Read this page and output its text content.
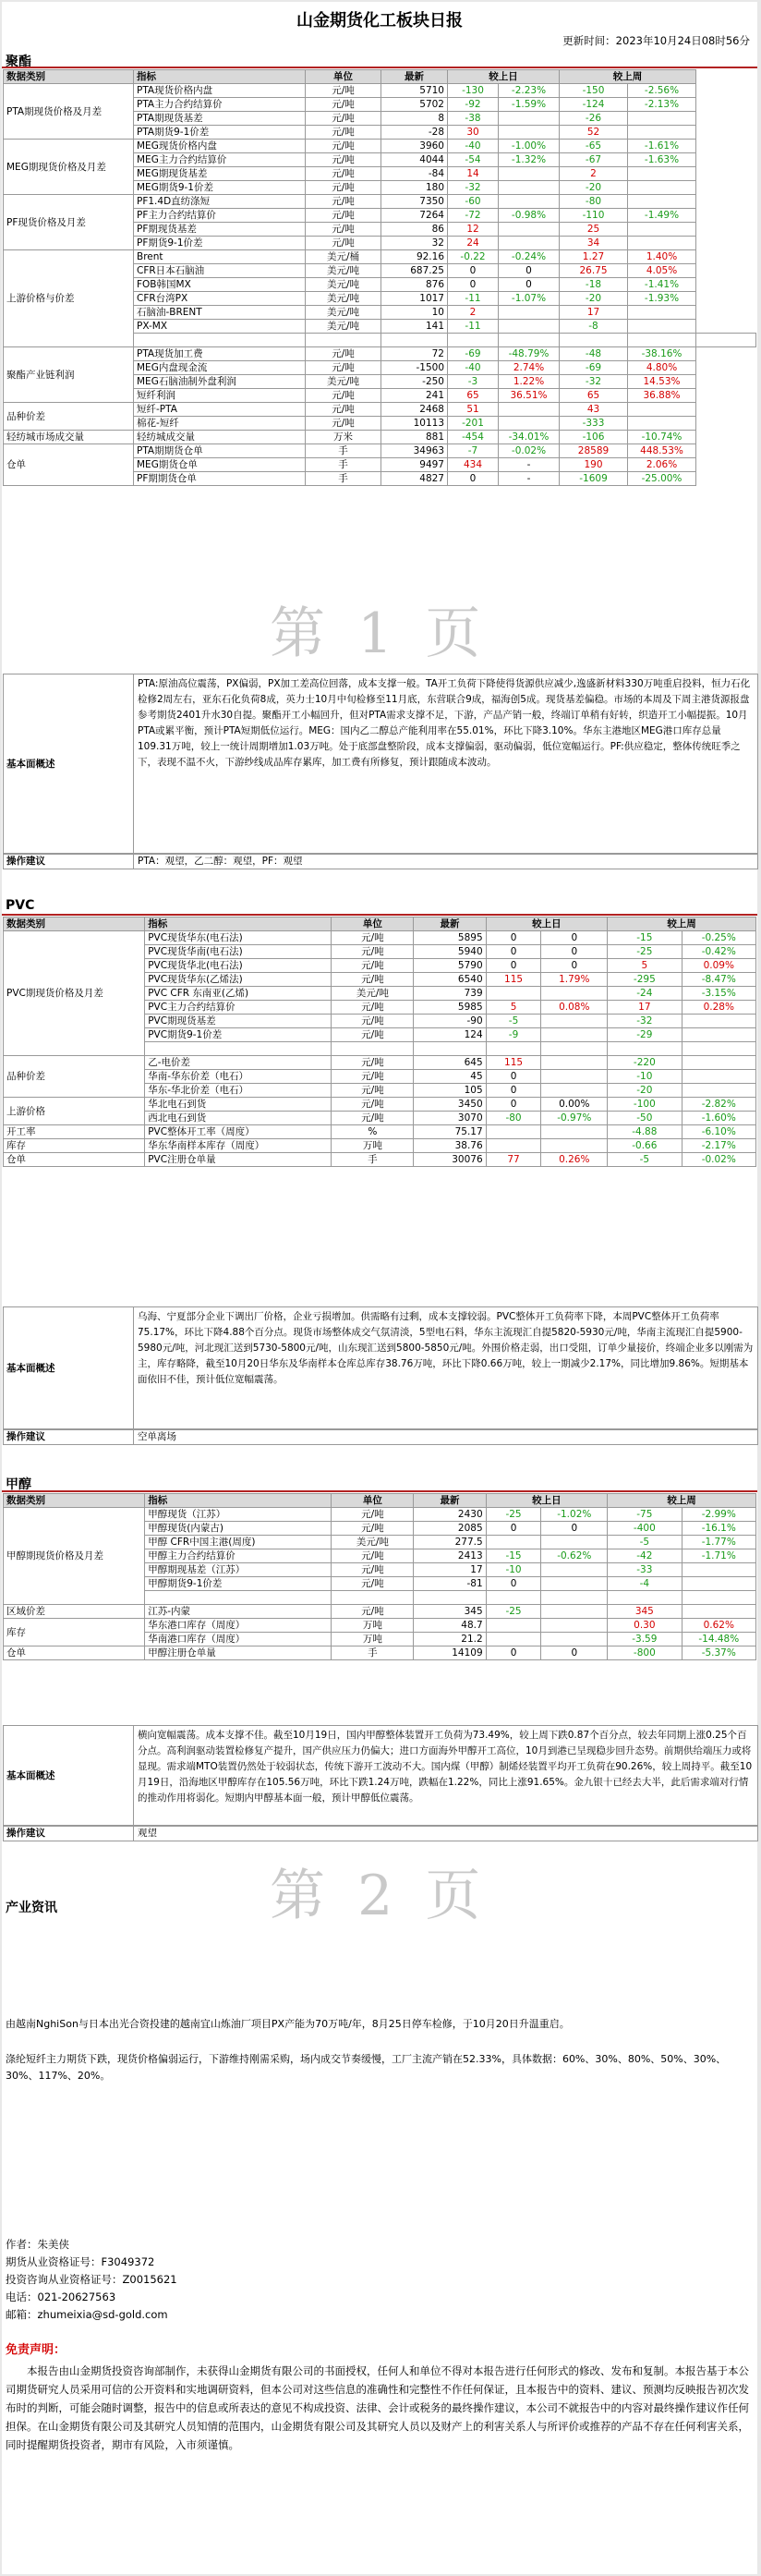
山金期货化工板块日报
更新时间：2023年10月24日08时56分
聚酯
数据类别	指标	单位	最新	较上日		较上周		
PTA期现货价格及月差	PTA现货价格内盘	元/吨	5710	-130	-2.23%	-150	-2.56%	
	PTA主力合约结算价	元/吨	5702	-92	-1.59%	-124	-2.13%	
	PTA期现货基差	元/吨	8	-38		-26		
	PTA期货9-1价差	元/吨	-28	30		52		
MEG期现货价格及月差	MEG现货价格内盘	元/吨	3960	-40	-1.00%	-65	-1.61%	
	MEG主力合约结算价	元/吨	4044	-54	-1.32%	-67	-1.63%	
	MEG期现货基差	元/吨	-84	14		2		
	MEG期货9-1价差	元/吨	180	-32		-20		
PF现货价格及月差	PF1.4D直纺涤短	元/吨	7350	-60		-80		
	PF主力合约结算价	元/吨	7264	-72	-0.98%	-110	-1.49%	
	PF期现货基差	元/吨	86	12		25		
	PF期货9-1价差	元/吨	32	24		34		
上游价格与价差	Brent	美元/桶	92.16	-0.22	-0.24%	1.27	1.40%	
	CFR日本石脑油	美元/吨	687.25	0	0	26.75	4.05%	
	FOB韩国MX	美元/吨	876	0	0	-18	-1.41%	
	CFR台湾PX	美元/吨	1017	-11	-1.07%	-20	-1.93%	
	石脑油-BRENT	美元/吨	10	2		17		
	PX-MX	美元/吨	141	-11		-8		

聚酯产业链利润	PTA现货加工费	元/吨	72	-69	-48.79%	-48	-38.16%	
	MEG内盘现金流	元/吨	-1500	-40	2.74%	-69	4.80%	
	MEG石脑油制外盘利润	美元/吨	-250	-3	1.22%	-32	14.53%	
	短纤利润	元/吨	241	65	36.51%	65	36.88%	
品种价差	短纤-PTA	元/吨	2468	51		43		
	棉花-短纤	元/吨	10113	-201		-333		
轻纺城市场成交量	轻纺城成交量	万米	881	-454	-34.01%	-106	-10.74%	
仓单	PTA期期货仓单	手	34963	-7	-0.02%	28589	448.53%	
	MEG期货仓单	手	9497	434	-	190	2.06%	
	PF期期货仓单	手	4827	0	-	-1609	-25.00%	
第 1 页
基本面概述
PTA:原油高位震荡，PX偏弱，PX加工差高位回落，成本支撑一般。TA开工负荷下降使得货源供应减少,逸盛新材料330万吨重启投料，恒力石化检修2周左右，亚东石化负荷8成，英力士10月中旬检修至11月底，东营联合9成，福海创5成。现货基差偏稳。市场的本周及下周主港货源报盘参考期货2401升水30自提。聚酯开工小幅回升，但对PTA需求支撑不足，下游，产品产销一般，终端订单稍有好转，织造开工小幅提振。10月PTA或累平衡，预计PTA短期低位运行。MEG：国内乙二醇总产能利用率在55.01%，环比下降3.10%。华东主港地区MEG港口库存总量109.31万吨，较上一统计周期增加1.03万吨。处于底部盘整阶段，成本支撑偏弱，驱动偏弱，低位宽幅运行。PF:供应稳定，整体传统旺季之下，表现不温不火，下游纱线成品库存累库，加工费有所修复，预计跟随成本波动。
操作建议	PTA：观望，乙二醇：观望，PF：观望
PVC
数据类别	指标	单位	最新	较上日		较上周	
PVC期现货价格及月差	PVC现货华东(电石法)	元/吨	5895	0	0	-15	-0.25%
	PVC现货华南(电石法)	元/吨	5940	0	0	-25	-0.42%
	PVC现货华北(电石法)	元/吨	5790	0	0	5	0.09%
	PVC现货华东(乙烯法)	元/吨	6540	115	1.79%	-295	-8.47%
	PVC CFR 东南亚(乙烯)	美元/吨	739			-24	-3.15%
	PVC主力合约结算价	元/吨	5985	5	0.08%	17	0.28%
	PVC期现货基差	元/吨	-90	-5		-32	
	PVC期货9-1价差	元/吨	124	-9		-29	

品种价差	乙-电价差	元/吨	645	115		-220	
	华南-华东价差（电石）	元/吨	45	0		-10	
	华东-华北价差（电石）	元/吨	105	0		-20	
上游价格	华北电石到货	元/吨	3450	0	0.00%	-100	-2.82%
	西北电石到货	元/吨	3070	-80	-0.97%	-50	-1.60%
开工率	PVC整体开工率（周度）	%	75.17			-4.88	-6.10%
库存	华东华南样本库存（周度）	万吨	38.76			-0.66	-2.17%
仓单	PVC注册仓单量	手	30076	77	0.26%	-5	-0.02%
基本面概述
乌海、宁夏部分企业下调出厂价格，企业亏损增加。供需略有过剩，成本支撑较弱。PVC整体开工负荷率下降，本周PVC整体开工负荷率75.17%，环比下降4.88个百分点。现货市场整体成交气氛清淡，5型电石料，华东主流现汇自提5820-5930元/吨，华南主流现汇自提5900-5980元/吨，河北现汇送到5730-5800元/吨，山东现汇送到5800-5850元/吨。外围价格走弱，出口受阻，订单少量接价，终端企业多以刚需为主，库存略降，截至10月20日华东及华南样本仓库总库存38.76万吨，环比下降0.66万吨，较上一期减少2.17%，同比增加9.86%。短期基本面依旧不佳，预计低位宽幅震荡。
操作建议	空单离场
甲醇
数据类别	指标	单位	最新	较上日		较上周	
甲醇期现货价格及月差	甲醇现货（江苏）	元/吨	2430	-25	-1.02%	-75	-2.99%
	甲醇现货(内蒙古)	元/吨	2085	0	0	-400	-16.1%
	甲醇 CFR中国主港(周度)	美元/吨	277.5			-5	-1.77%
	甲醇主力合约结算价	元/吨	2413	-15	-0.62%	-42	-1.71%
	甲醇期现基差（江苏）	元/吨	17	-10		-33	
	甲醇期货9-1价差	元/吨	-81	0		-4	

区域价差	江苏-内蒙	元/吨	345	-25		345	
库存	华东港口库存（周度）	万吨	48.7			0.30	0.62%
	华南港口库存（周度）	万吨	21.2			-3.59	-14.48%
仓单	甲醇注册仓单量	手	14109	0	0	-800	-5.37%
基本面概述
横向宽幅震荡。成本支撑不佳。截至10月19日，国内甲醇整体装置开工负荷为73.49%，较上周下跌0.87个百分点，较去年同期上涨0.25个百分点。高利润驱动装置检修复产提升，国产供应压力仍偏大；进口方面海外甲醇开工高位，10月到港已呈现稳步回升态势。前期供给端压力或将显现。需求端MTO装置仍然处于较弱状态，传统下游开工波动不大。国内煤（甲醇）制烯烃装置平均开工负荷在90.26%，较上周持平。截至10月19日，沿海地区甲醇库存在105.56万吨，环比下跌1.24万吨，跌幅在1.22%，同比上涨91.65%。金九银十已经去大半，此后需求端对行情的推动作用将弱化。短期内甲醇基本面一般，预计甲醇低位震荡。
操作建议	观望
第 2 页
产业资讯
由越南NghiSon与日本出光合资投建的越南宜山炼油厂项目PX产能为70万吨/年，8月25日停车检修，于10月20日升温重启。
涤纶短纤主力期货下跌，现货价格偏弱运行，下游维持刚需采购，场内成交节奏缓慢，工厂主流产销在52.33%，具体数据：60%、30%、80%、50%、30%、30%、117%、20%。
作者：朱美侠
期货从业资格证号：F3049372
投资咨询从业资格证号：Z0015621
电话：021-20627563
邮箱：zhumeixia@sd-gold.com
免责声明：
本报告由山金期货投资咨询部制作，未获得山金期货有限公司的书面授权，任何人和单位不得对本报告进行任何形式的修改、发布和复制。本报告基于本公司期货研究人员采用可信的公开资料和实地调研资料，但本公司对这些信息的准确性和完整性不作任何保证，且本报告中的资料、建议、预测均反映报告初次发布时的判断，可能会随时调整，报告中的信息或所表达的意见不构成投资、法律、会计或税务的最终操作建议，本公司不就报告中的内容对最终操作建议作任何担保。在山金期货有限公司及其研究人员知情的范围内，山金期货有限公司及其研究人员以及财产上的利害关系人与所评价或推荐的产品不存在任何利害关系，同时提醒期货投资者，期市有风险，入市须谨慎。
